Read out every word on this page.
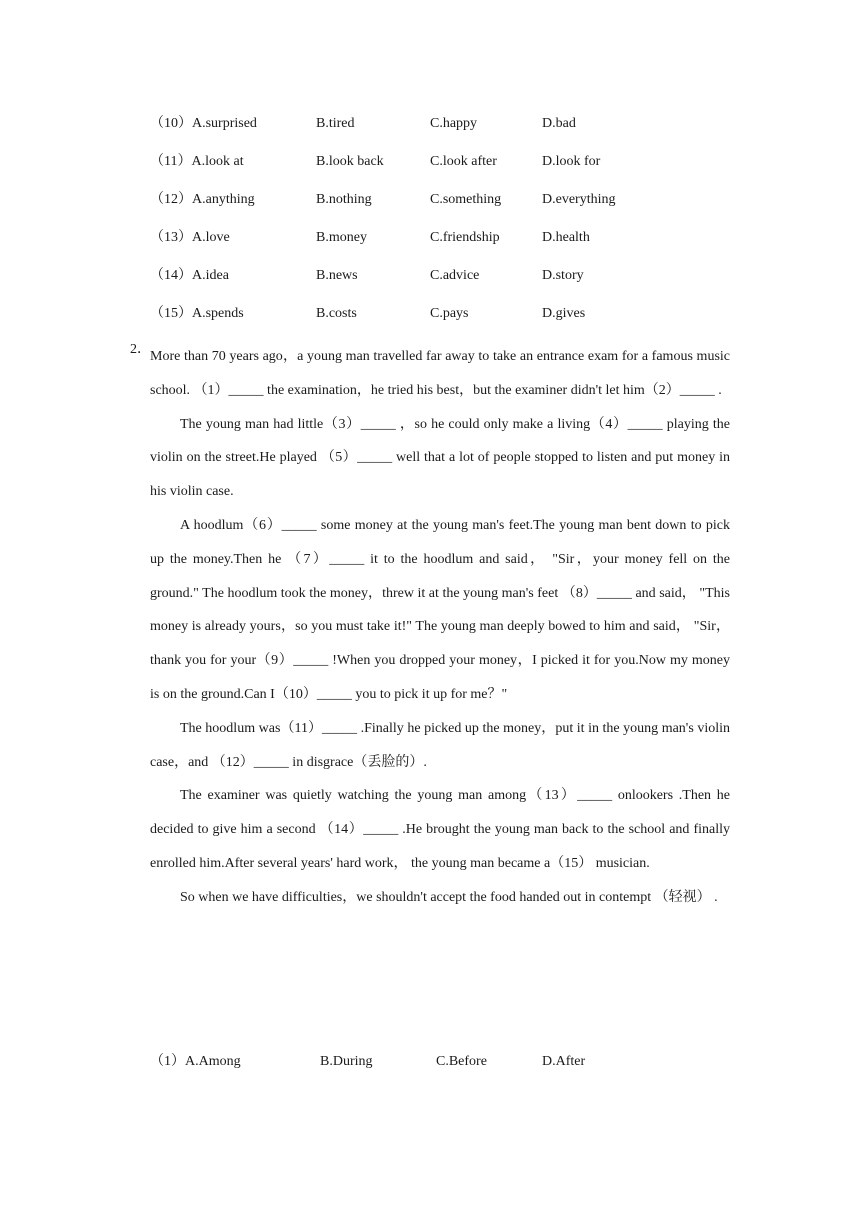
（10）A.surprised	B.tired	C.happy	D.bad
（11）A.look at	B.look back	C.look after	D.look for
（12）A.anything	B.nothing	C.something	D.everything
（13）A.love	B.money	C.friendship	D.health
（14）A.idea	B.news	C.advice	D.story
（15）A.spends	B.costs	C.pays	D.gives
2． More than 70 years ago，a young man travelled far away to take an entrance exam for a famous music school. （1）_____ the examination，he tried his best，but the examiner didn't let him（2）_____ .

The young man had little（3）_____ ，so he could only make a living（4）_____ playing the violin on the street.He played （5）_____ well that a lot of people stopped to listen and put money in his violin case.

A hoodlum（6）_____ some money at the young man's feet.The young man bent down to pick up the money.Then he （7）_____ it to the hoodlum and said， "Sir，your money fell on the ground." The hoodlum took the money，threw it at the young man's feet （8）_____ and said， "This money is already yours，so you must take it!" The young man deeply bowed to him and said， "Sir，thank you for your（9）_____ !When you dropped your money，I picked it for you.Now my money is on the ground.Can I（10）_____ you to pick it up for me？"

The hoodlum was（11）_____ .Finally he picked up the money，put it in the young man's violin case，and （12）_____ in disgrace（丢脸的）.

The examiner was quietly watching the young man among（13）_____ onlookers .Then he decided to give him a second （14）_____ .He brought the young man back to the school and finally enrolled him.After several years' hard work， the young man became a（15） musician.

So when we have difficulties，we shouldn't accept the food handed out in contempt （轻视） .

（1）A.Among	B.During	C.Before	D.After
